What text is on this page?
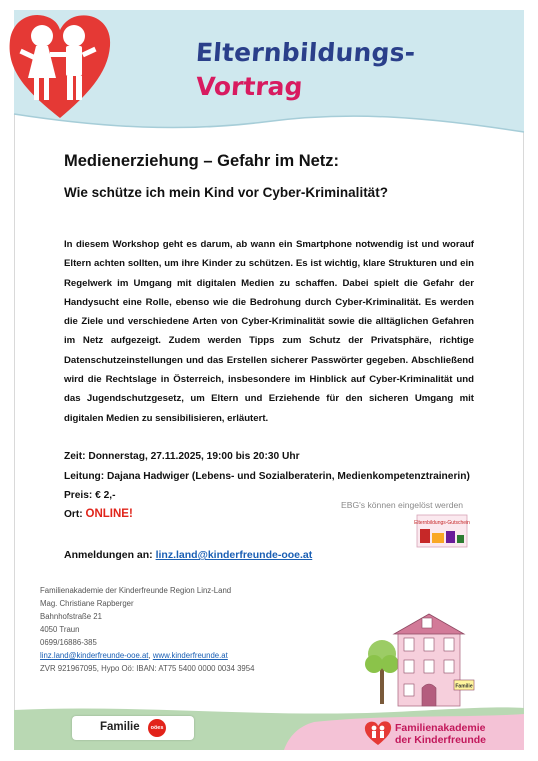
Elternbildungs-
Vortrag
Medienerziehung – Gefahr im Netz:
Wie schütze ich mein Kind vor Cyber-Kriminalität?
In diesem Workshop geht es darum, ab wann ein Smartphone notwendig ist und worauf Eltern achten sollten, um ihre Kinder zu schützen. Es ist wichtig, klare Strukturen und ein Regelwerk im Umgang mit digitalen Medien zu schaffen. Dabei spielt die Gefahr der Handysucht eine Rolle, ebenso wie die Bedrohung durch Cyber-Kriminalität. Es werden die Ziele und verschiedene Arten von Cyber-Kriminalität sowie die alltäglichen Gefahren im Netz aufgezeigt. Zudem werden Tipps zum Schutz der Privatsphäre, richtige Datenschutzeinstellungen und das Erstellen sicherer Passwörter gegeben. Abschließend wird die Rechtslage in Österreich, insbesondere im Hinblick auf Cyber-Kriminalität und das Jugendschutzgesetz, um Eltern und Erziehende für den sicheren Umgang mit digitalen Medien zu sensibilisieren, erläutert.
Zeit: Donnerstag, 27.11.2025, 19:00 bis 20:30 Uhr
Leitung: Dajana Hadwiger (Lebens- und Sozialberaterin, Medienkompetenztrainerin)
Preis: € 2,-
Ort: ONLINE!
EBG's können eingelöst werden
Elternbildungs-Gutschein
Anmeldungen an: linz.land@kinderfreunde-ooe.at
Familienakademie der Kinderfreunde Region Linz-Land
Mag. Christiane Rapberger
Bahnhofstraße 21
4050 Traun
0699/16886-385
linz.land@kinderfreunde-ooe.at, www.kinderfreunde.at
ZVR 921967095, Hypo Oö: IBAN: AT75 5400 0000 0034 3954
Familie
Familie	oöes	Familienakademie
der Kinderfreunde
